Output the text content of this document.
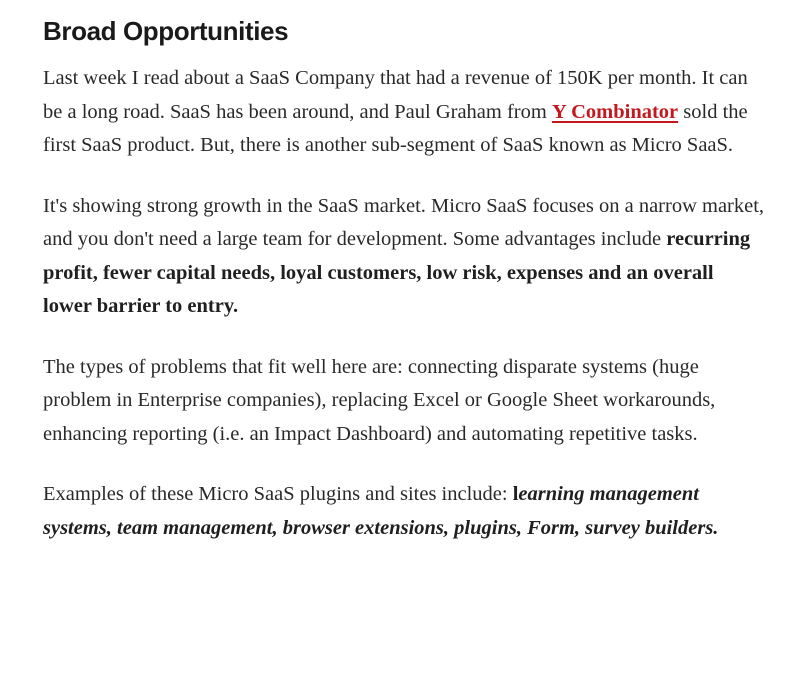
Broad Opportunities

Last week I read about a SaaS Company that had a revenue of 150K per month. It can be a long road. SaaS has been around, and Paul Graham from Y Combinator sold the first SaaS product. But, there is another sub-segment of SaaS known as Micro SaaS.

It's showing strong growth in the SaaS market. Micro SaaS focuses on a narrow market, and you don't need a large team for development. Some advantages include recurring profit, fewer capital needs, loyal customers, low risk, expenses and an overall lower barrier to entry.

The types of problems that fit well here are: connecting disparate systems (huge problem in Enterprise companies), replacing Excel or Google Sheet workarounds, enhancing reporting (i.e. an Impact Dashboard) and automating repetitive tasks.

Examples of these Micro SaaS plugins and sites include: learning management systems, team management, browser extensions, plugins, Form, survey builders.
